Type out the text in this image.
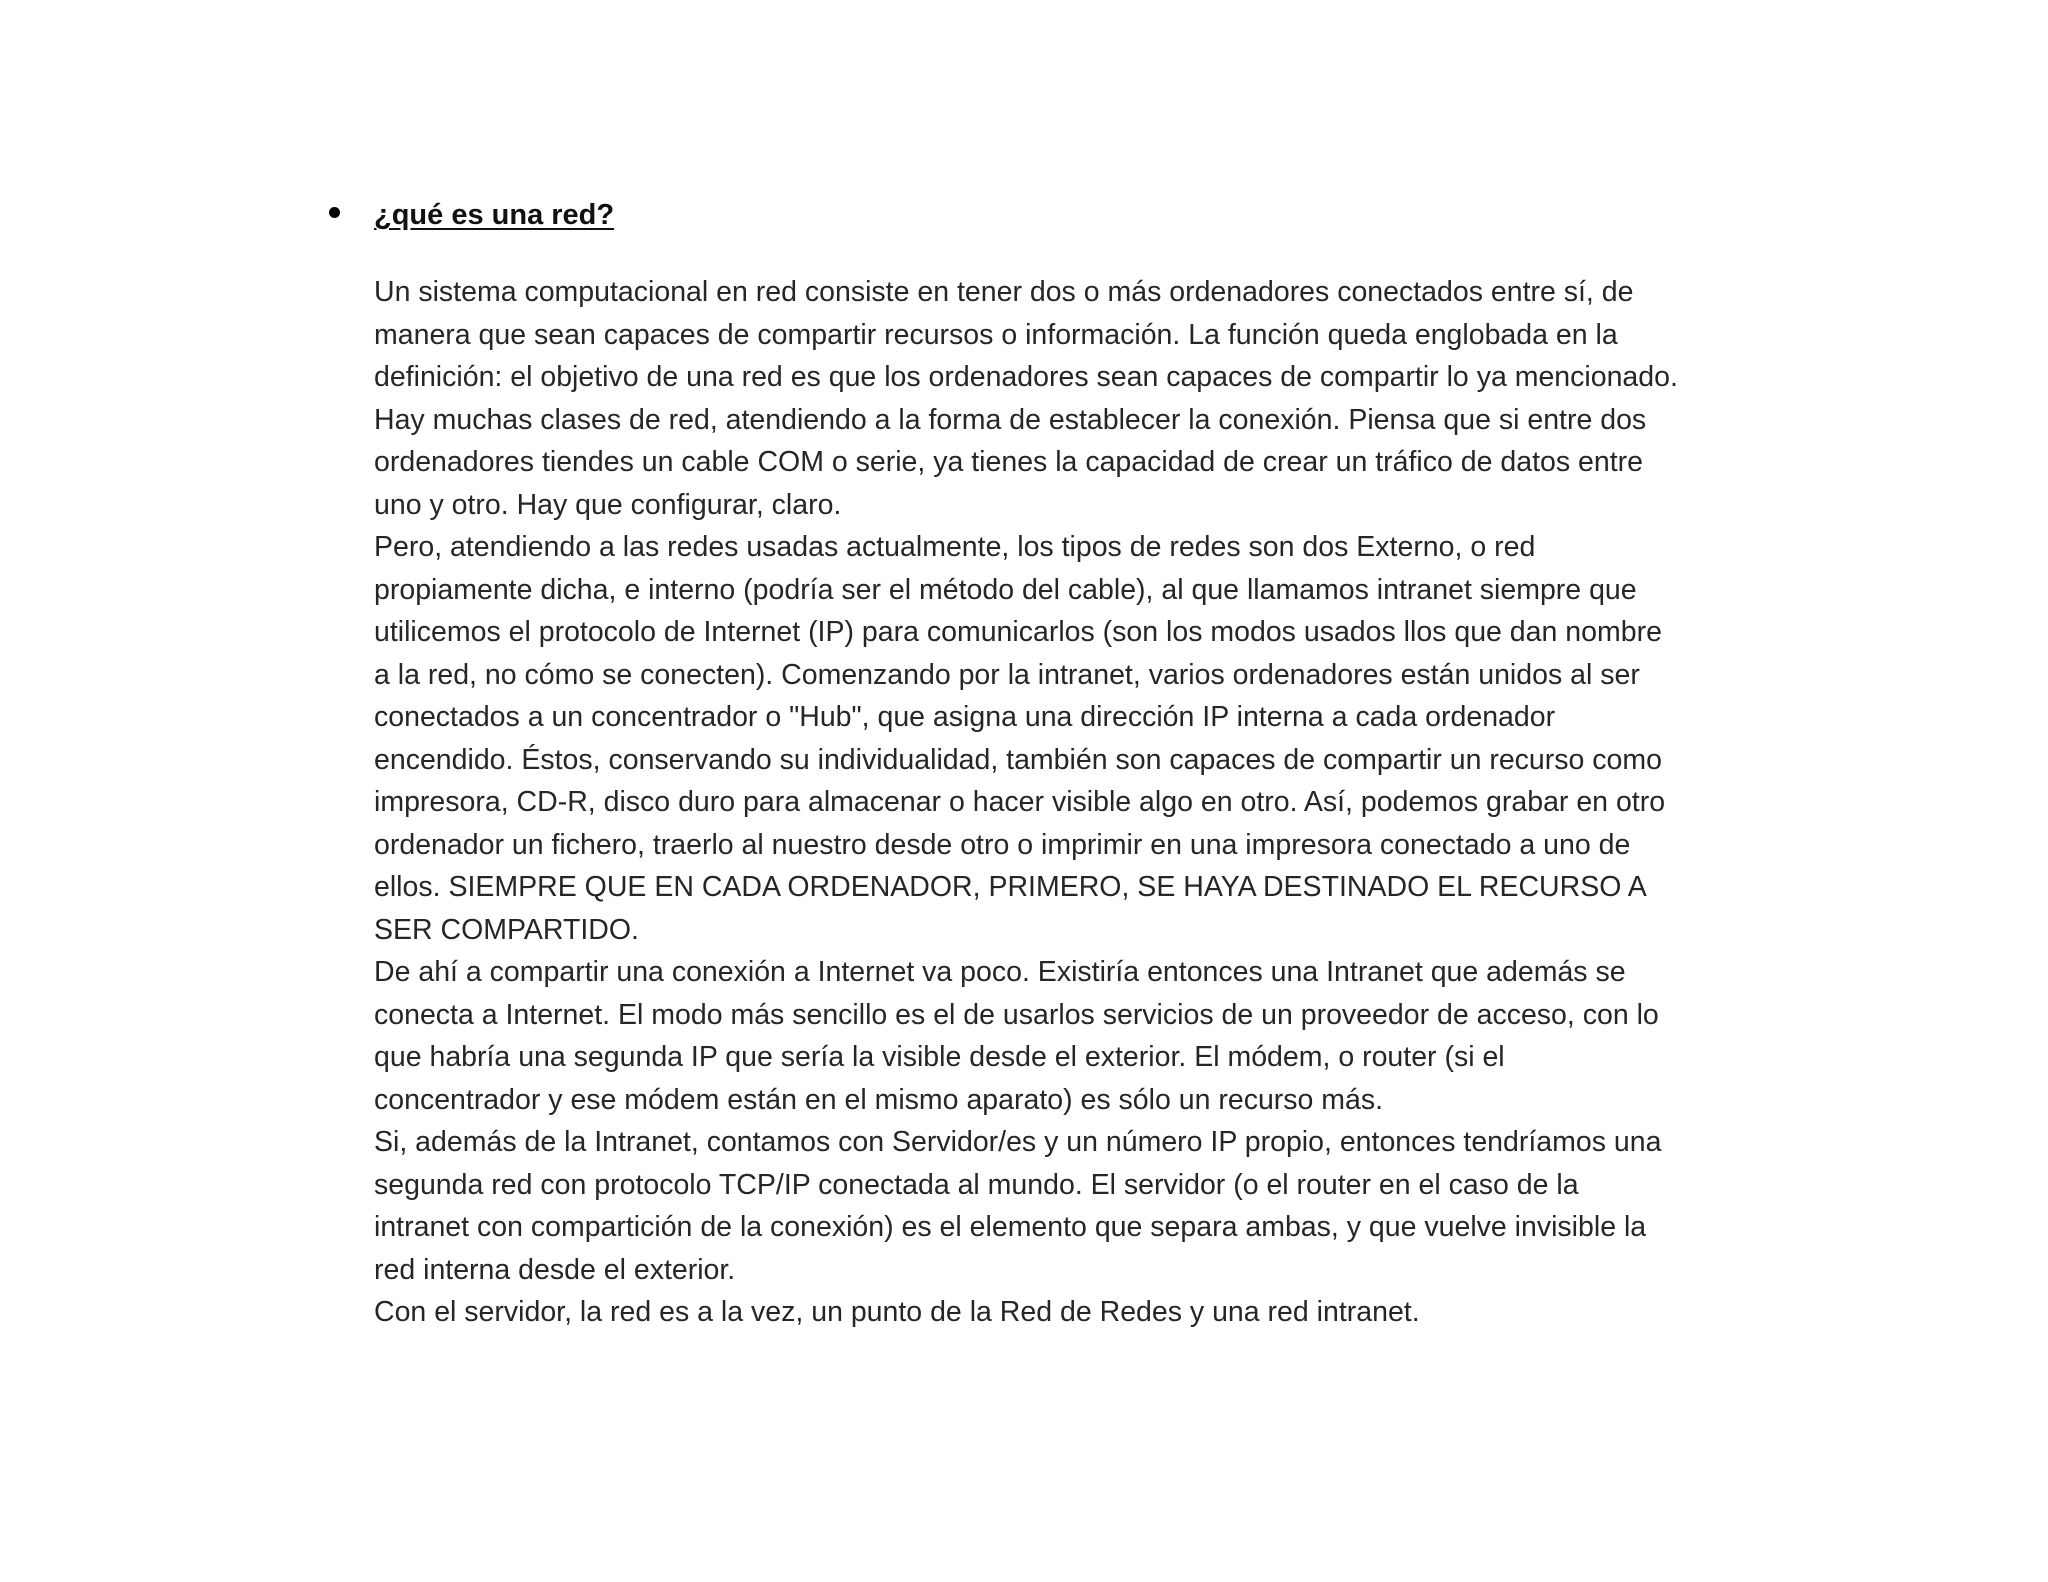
¿qué es una red?
Un sistema computacional en red consiste en tener dos o más ordenadores conectados entre sí, de
manera que sean capaces de compartir recursos o información. La función queda englobada en la
definición: el objetivo de una red es que los ordenadores sean capaces de compartir lo ya mencionado.
Hay muchas clases de red, atendiendo a la forma de establecer la conexión. Piensa que si entre dos
ordenadores tiendes un cable COM o serie, ya tienes la capacidad de crear un tráfico de datos entre
uno y otro. Hay que configurar, claro.
Pero, atendiendo a las redes usadas actualmente, los tipos de redes son dos Externo, o red
propiamente dicha, e interno (podría ser el método del cable), al que llamamos intranet siempre que
utilicemos el protocolo de Internet (IP) para comunicarlos (son los modos usados llos que dan nombre
a la red, no cómo se conecten). Comenzando por la intranet, varios ordenadores están unidos al ser
conectados a un concentrador o "Hub", que asigna una dirección IP interna a cada ordenador
encendido. Éstos, conservando su individualidad, también son capaces de compartir un recurso como
impresora, CD-R, disco duro para almacenar o hacer visible algo en otro. Así, podemos grabar en otro
ordenador un fichero, traerlo al nuestro desde otro o imprimir en una impresora conectado a uno de
ellos. SIEMPRE QUE EN CADA ORDENADOR, PRIMERO, SE HAYA DESTINADO EL RECURSO A
SER COMPARTIDO.
De ahí a compartir una conexión a Internet va poco. Existiría entonces una Intranet que además se
conecta a Internet. El modo más sencillo es el de usarlos servicios de un proveedor de acceso, con lo
que habría una segunda IP que sería la visible desde el exterior. El módem, o router (si el
concentrador y ese módem están en el mismo aparato) es sólo un recurso más.
Si, además de la Intranet, contamos con Servidor/es y un número IP propio, entonces tendríamos una
segunda red con protocolo TCP/IP conectada al mundo. El servidor (o el router en el caso de la
intranet con compartición de la conexión) es el elemento que separa ambas, y que vuelve invisible la
red interna desde el exterior.
Con el servidor, la red es a la vez, un punto de la Red de Redes y una red intranet.
